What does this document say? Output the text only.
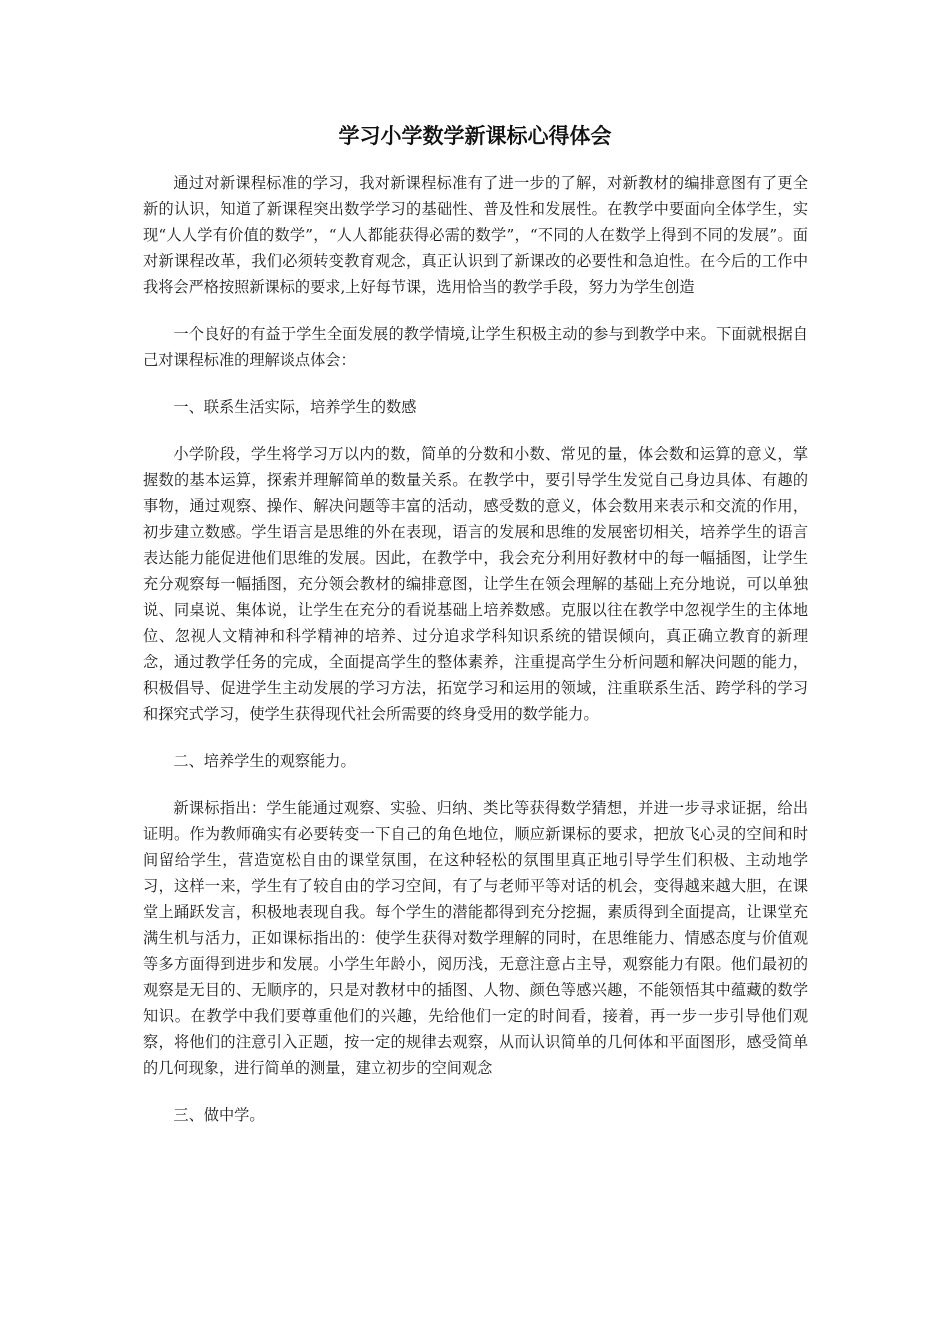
学习小学数学新课标心得体会

通过对新课程标准的学习，我对新课程标准有了进一步的了解，对新教材的编排意图有了更全新的认识，知道了新课程突出数学学习的基础性、普及性和发展性。在教学中要面向全体学生，实现“人人学有价值的数学”，“人人都能获得必需的数学”，“不同的人在数学上得到不同的发展”。面对新课程改革，我们必须转变教育观念，真正认识到了新课改的必要性和急迫性。在今后的工作中我将会严格按照新课标的要求,上好每节课，选用恰当的教学手段，努力为学生创造

一个良好的有益于学生全面发展的教学情境,让学生积极主动的参与到教学中来。下面就根据自己对课程标准的理解谈点体会：

一、联系生活实际，培养学生的数感

小学阶段，学生将学习万以内的数，简单的分数和小数、常见的量，体会数和运算的意义，掌握数的基本运算，探索并理解简单的数量关系。在教学中，要引导学生发觉自己身边具体、有趣的事物，通过观察、操作、解决问题等丰富的活动，感受数的意义，体会数用来表示和交流的作用，初步建立数感。学生语言是思维的外在表现，语言的发展和思维的发展密切相关，培养学生的语言表达能力能促进他们思维的发展。因此，在教学中，我会充分利用好教材中的每一幅插图，让学生充分观察每一幅插图，充分领会教材的编排意图，让学生在领会理解的基础上充分地说，可以单独说、同桌说、集体说，让学生在充分的看说基础上培养数感。克服以往在教学中忽视学生的主体地位、忽视人文精神和科学精神的培养、过分追求学科知识系统的错误倾向，真正确立教育的新理念，通过教学任务的完成，全面提高学生的整体素养，注重提高学生分析问题和解决问题的能力，积极倡导、促进学生主动发展的学习方法，拓宽学习和运用的领域，注重联系生活、跨学科的学习和探究式学习，使学生获得现代社会所需要的终身受用的数学能力。

二、培养学生的观察能力。

新课标指出：学生能通过观察、实验、归纳、类比等获得数学猜想，并进一步寻求证据，给出证明。作为教师确实有必要转变一下自己的角色地位，顺应新课标的要求，把放飞心灵的空间和时间留给学生，营造宽松自由的课堂氛围，在这种轻松的氛围里真正地引导学生们积极、主动地学习，这样一来，学生有了较自由的学习空间，有了与老师平等对话的机会，变得越来越大胆，在课堂上踊跃发言，积极地表现自我。每个学生的潜能都得到充分挖掘，素质得到全面提高，让课堂充满生机与活力，正如课标指出的：使学生获得对数学理解的同时，在思维能力、情感态度与价值观等多方面得到进步和发展。小学生年龄小，阅历浅，无意注意占主导，观察能力有限。他们最初的观察是无目的、无顺序的，只是对教材中的插图、人物、颜色等感兴趣，不能领悟其中蕴藏的数学知识。在教学中我们要尊重他们的兴趣，先给他们一定的时间看，接着，再一步一步引导他们观察，将他们的注意引入正题，按一定的规律去观察，从而认识简单的几何体和平面图形，感受简单的几何现象，进行简单的测量，建立初步的空间观念

三、做中学。
